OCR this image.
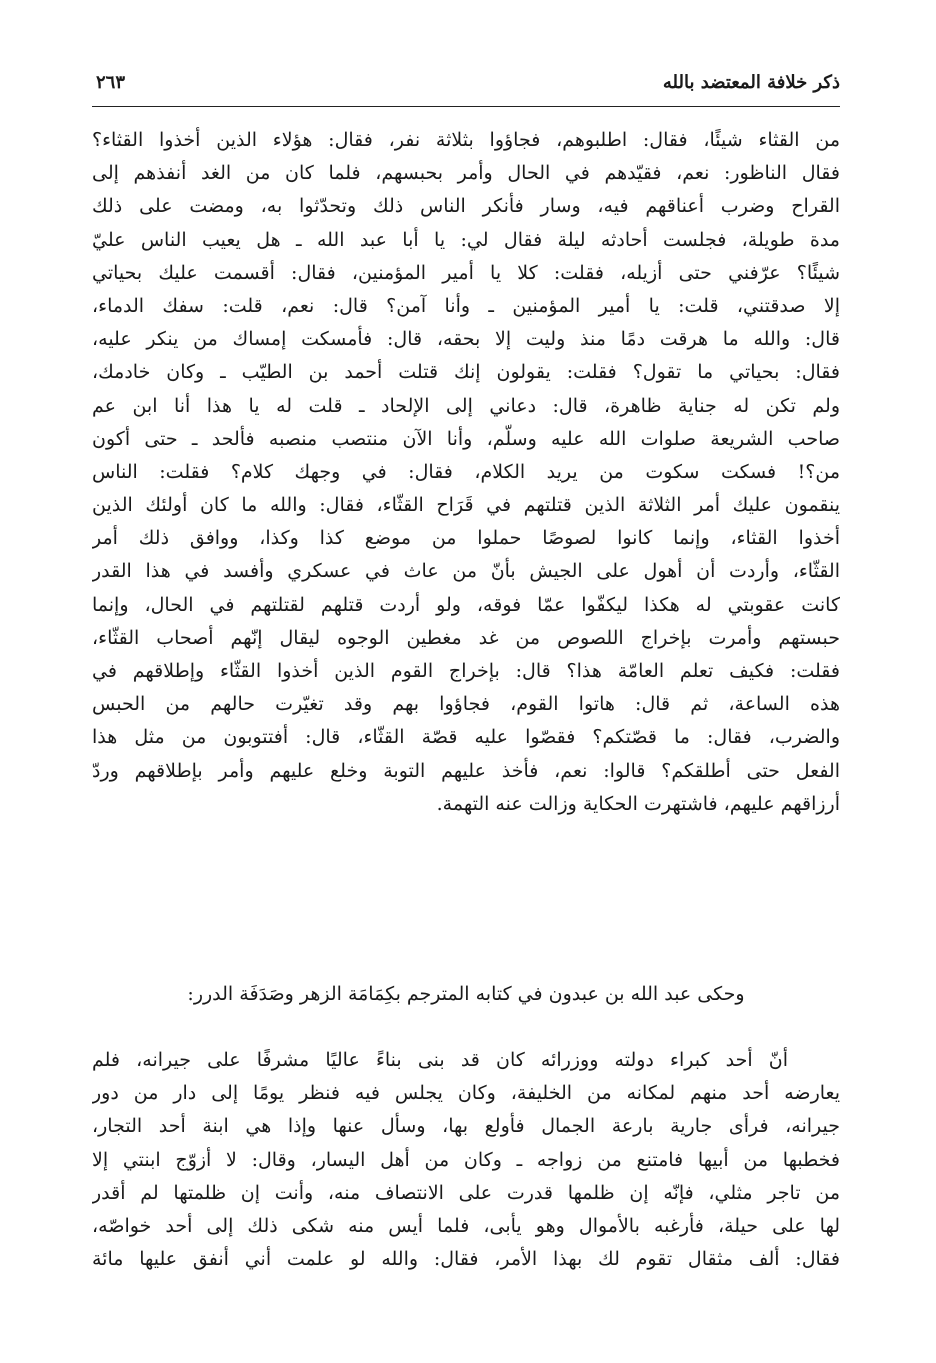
ذكر خلافة المعتضد بالله
٢٦٣
من القثاء شيئًا، فقال: اطلبوهم، فجاؤوا بثلاثة نفر، فقال: هؤلاء الذين أخذوا القثاء؟
فقال الناظور: نعم، فقيّدهم في الحال وأمر بحبسهم، فلما كان من الغد أنفذهم إلى
القراح وضرب أعناقهم فيه، وسار فأنكر الناس ذلك وتحدّثوا به، ومضت على ذلك
مدة طويلة، فجلست أحادثه ليلة فقال لي: يا أبا عبد الله ـ هل يعيب الناس عليّ
شيئًا؟ عرّفني حتى أزيله، فقلت: كلا يا أمير المؤمنين، فقال: أقسمت عليك بحياتي
إلا صدقتني، قلت: يا أمير المؤمنين ـ وأنا آمن؟ قال: نعم، قلت: سفك الدماء،
قال: والله ما هرقت دمًا منذ وليت إلا بحقه، قال: فأمسكت إمساك من ينكر عليه،
فقال: بحياتي ما تقول؟ فقلت: يقولون إنك قتلت أحمد بن الطيّب ـ وكان خادمك،
ولم تكن له جناية ظاهرة، قال: دعاني إلى الإلحاد ـ قلت له يا هذا أنا ابن عم
صاحب الشريعة صلوات الله عليه وسلّم، وأنا الآن منتصب منصبه فألحد ـ حتى أكون
من؟! فسكت سكوت من يريد الكلام، فقال: في وجهك كلام؟ فقلت: الناس
ينقمون عليك أمر الثلاثة الذين قتلتهم في قَرَاح القثّاء، فقال: والله ما كان أولئك الذين
أخذوا القثاء، وإنما كانوا لصوصًا حملوا من موضع كذا وكذا، ووافق ذلك أمر
القثّاء، وأردت أن أهول على الجيش بأنّ من عاث في عسكري وأفسد في هذا القدر
كانت عقوبتي له هكذا ليكفّوا عمّا فوقه، ولو أردت قتلهم لقتلتهم في الحال، وإنما
حبستهم وأمرت بإخراج اللصوص من غد مغطين الوجوه ليقال إنّهم أصحاب القثّاء،
فقلت: فكيف تعلم العامّة هذا؟ قال: بإخراج القوم الذين أخذوا القثّاء وإطلاقهم في
هذه الساعة، ثم قال: هاتوا القوم، فجاؤوا بهم وقد تغيّرت حالهم من الحبس
والضرب، فقال: ما قصّتكم؟ فقصّوا عليه قصّة القثّاء، قال: أفتتوبون من مثل هذا
الفعل حتى أطلقكم؟ قالوا: نعم، فأخذ عليهم التوبة وخلع عليهم وأمر بإطلاقهم وردّ
أرزاقهم عليهم، فاشتهرت الحكاية وزالت عنه التهمة.
وحكى عبد الله بن عبدون في كتابه المترجم بكِمَامَة الزهر وصَدَفَة الدرر:
أنّ أحد كبراء دولته ووزرائه كان قد بنى بناءً عاليًا مشرفًا على جيرانه، فلم
يعارضه أحد منهم لمكانه من الخليفة، وكان يجلس فيه فنظر يومًا إلى دار من دور
جيرانه، فرأى جارية بارعة الجمال فأولع بها، وسأل عنها وإذا هي ابنة أحد التجار،
فخطبها من أبيها فامتنع من زواجه ـ وكان من أهل اليسار، وقال: لا أزوّج ابنتي إلا
من تاجر مثلي، فإنّه إن ظلمها قدرت على الانتصاف منه، وأنت إن ظلمتها لم أقدر
لها على حيلة، فأرغبه بالأموال وهو يأبى، فلما أيس منه شكى ذلك إلى أحد خواصّه،
فقال: ألف مثقال تقوم لك بهذا الأمر، فقال: والله لو علمت أني أنفق عليها مائة
